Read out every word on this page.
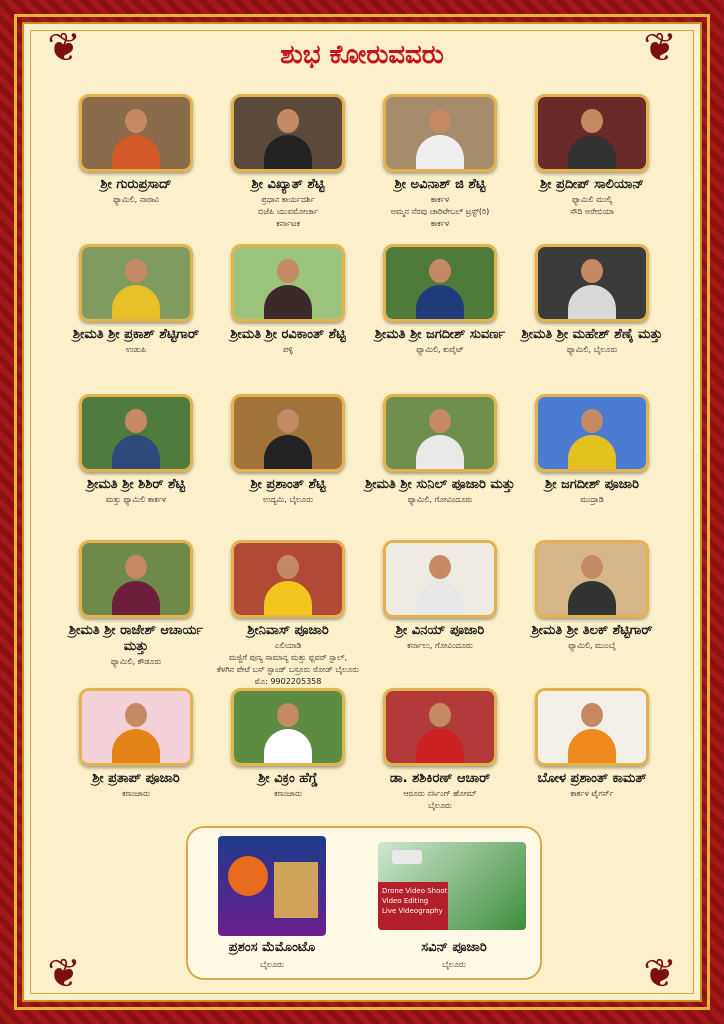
❦	❦
❦	❦
ಶುಭ ಕೋರುವವರು
ಶ್ರೀ ಗುರುಪ್ರಸಾದ್
ಫ್ಯಾಮಿಲಿ, ನಾರಾವಿ
ಶ್ರೀ ವಿಖ್ಯಾತ್ ಶೆಟ್ಟಿ
ಪ್ರಧಾನ ಕಾರ್ಯದರ್ಶಿ
ಬಿಜೆಪಿ ಯುವಮೋರ್ಚಾ
ಕರ್ನಾಟಕ
ಶ್ರೀ ಅವಿನಾಶ್ ಜಿ ಶೆಟ್ಟಿ
ಕಾರ್ಕಳ
ಅಮ್ಮನ ನೆರವು ಚಾರಿಟೇಬಲ್ ಟ್ರಸ್ಟ್(ರಿ)
ಕಾರ್ಕಳ
ಶ್ರೀ ಪ್ರದೀಪ್ ಸಾಲಿಯಾನ್
ಫ್ಯಾಮಿಲಿ ಮುಲ್ಕಿ
ಸೌದಿ ಅರೇಬಿಯಾ
ಶ್ರೀಮತಿ ಶ್ರೀ ಪ್ರಕಾಶ್ ಶೆಟ್ಟಿಗಾರ್
ಉಡುಪಿ
ಶ್ರೀಮತಿ ಶ್ರೀ ರವಿಕಾಂತ್ ಶೆಟ್ಟಿ
ಪಳ್ಳಿ
ಶ್ರೀಮತಿ ಶ್ರೀ ಜಗದೀಶ್ ಸುವರ್ಣ
ಫ್ಯಾಮಿಲಿ, ಕುವೈಟ್
ಶ್ರೀಮತಿ ಶ್ರೀ ಮಹೇಶ್ ಶೆಣೈ ಮತ್ತು
ಫ್ಯಾಮಿಲಿ, ಬೈಲೂರು
ಶ್ರೀಮತಿ ಶ್ರೀ ಶಿಶಿರ್ ಶೆಟ್ಟಿ
ಮತ್ತು ಫ್ಯಾಮಿಲಿ ಕಾರ್ಕಳ
ಶ್ರೀ ಪ್ರಶಾಂತ್ ಶೆಟ್ಟಿ
ಉದ್ಯಮಿ, ಬೈಲೂರು
ಶ್ರೀಮತಿ ಶ್ರೀ ಸುನಿಲ್ ಪೂಜಾರಿ ಮತ್ತು
ಫ್ಯಾಮಿಲಿ, ಗೋವಿಂದೂರು
ಶ್ರೀ ಜಗದೀಶ್ ಪೂಜಾರಿ
ಮುದ್ರಾಡಿ
ಶ್ರೀಮತಿ ಶ್ರೀ ರಾಜೇಶ್ ಆಚಾರ್ಯ ಮತ್ತು
ಫ್ಯಾಮಿಲಿ, ಕೌಡೂರು
ಶ್ರೀನಿವಾಸ್ ಪೂಜಾರಿ
ಎಲಿಯಾಡಿ
ಮಜ್ಜಿಗೆ ಪುಣ್ಯ ಸಾಮಾನ್ಯ ಮತ್ತು ಫ್ಲವರ್ ಸ್ಟಾಲ್,
ಕೆಳಗಿನ ಪೇಟೆ ಬಸ್ ಸ್ಟಾಂಡ್ ಬಸ್ರೂರು ರೋಡ್ ಬೈಲೂರು
ಮೊ: 9902205358
ಶ್ರೀ ವಿನಯ್ ಪೂಜಾರಿ
ಕರ್ನಾಲು, ಗೋವಿಂದೂರು
ಶ್ರೀಮತಿ ಶ್ರೀ ತಿಲಕ್ ಶೆಟ್ಟಿಗಾರ್
ಫ್ಯಾಮಿಲಿ, ಮುಂಬೈ
ಶ್ರೀ ಪ್ರತಾಪ್ ಪೂಜಾರಿ
ಕಣಂಜಾರು
ಶ್ರೀ ವಿಕ್ರಂ ಹೆಗ್ಡೆ
ಕಣಂಜಾರು
ಡಾ. ಶಶಿಕಿರಣ್ ಆಚಾರ್
ಆರೂರು ನರ್ಸಿಂಗ್ ಹೋಮ್
ಬೈಲೂರು
ಬೋಳ ಪ್ರಶಾಂತ್ ಕಾಮತ್
ಕಾರ್ಕಳ ಟೈಗರ್ಸ್
Drone Video Shoot
Video Editing
Live Videography
ಪ್ರಶಂಸ ಮೆಮೊಂಟೊ
ಬೈಲೂರು
ಸವಿನ್ ಪೂಜಾರಿ
ಬೈಲೂರು
